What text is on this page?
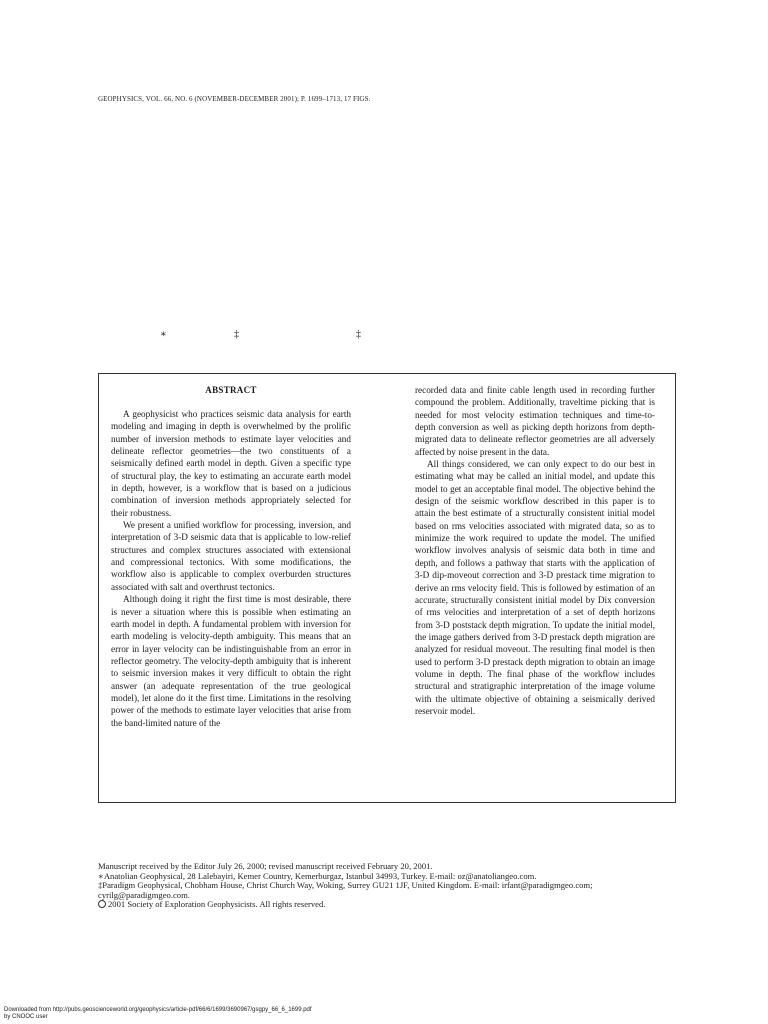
GEOPHYSICS, VOL. 66, NO. 6 (NOVEMBER-DECEMBER 2001); P. 1699–1713, 17 FIGS.
∗	‡	‡
ABSTRACT

A geophysicist who practices seismic data analysis for earth modeling and imaging in depth is overwhelmed by the prolific number of inversion methods to estimate layer velocities and delineate reflector geometries—the two constituents of a seismically defined earth model in depth. Given a specific type of structural play, the key to estimating an accurate earth model in depth, however, is a workflow that is based on a judicious combination of inversion methods appropriately selected for their robustness.

We present a unified workflow for processing, inversion, and interpretation of 3-D seismic data that is applicable to low-relief structures and complex structures associated with extensional and compressional tectonics. With some modifications, the workflow also is applicable to complex overburden structures associated with salt and overthrust tectonics.

Although doing it right the first time is most desirable, there is never a situation where this is possible when estimating an earth model in depth. A fundamental problem with inversion for earth modeling is velocity-depth ambiguity. This means that an error in layer velocity can be indistinguishable from an error in reflector geometry. The velocity-depth ambiguity that is inherent to seismic inversion makes it very difficult to obtain the right answer (an adequate representation of the true geological model), let alone do it the first time. Limitations in the resolving power of the methods to estimate layer velocities that arise from the band-limited nature of the

recorded data and finite cable length used in recording further compound the problem. Additionally, traveltime picking that is needed for most velocity estimation techniques and time-to-depth conversion as well as picking depth horizons from depth-migrated data to delineate reflector geometries are all adversely affected by noise present in the data.

All things considered, we can only expect to do our best in estimating what may be called an initial model, and update this model to get an acceptable final model. The objective behind the design of the seismic workflow described in this paper is to attain the best estimate of a structurally consistent initial model based on rms velocities associated with migrated data, so as to minimize the work required to update the model. The unified workflow involves analysis of seismic data both in time and depth, and follows a pathway that starts with the application of 3-D dip-moveout correction and 3-D prestack time migration to derive an rms velocity field. This is followed by estimation of an accurate, structurally consistent initial model by Dix conversion of rms velocities and interpretation of a set of depth horizons from 3-D poststack depth migration. To update the initial model, the image gathers derived from 3-D prestack depth migration are analyzed for residual moveout. The resulting final model is then used to perform 3-D prestack depth migration to obtain an image volume in depth. The final phase of the workflow includes structural and stratigraphic interpretation of the image volume with the ultimate objective of obtaining a seismically derived reservoir model.

Manuscript received by the Editor July 26, 2000; revised manuscript received February 20, 2001.
∗Anatolian Geophysical, 28 Lalebayiri, Kemer Country, Kemerburgaz, Istanbul 34993, Turkey. E-mail: oz@anatoliangeo.com.
‡Paradigm Geophysical, Chobham House, Christ Church Way, Woking, Surrey GU21 1JF, United Kingdom. E-mail: irfant@paradigmgeo.com;
cyrilg@paradigmgeo.com.
2001 Society of Exploration Geophysicists. All rights reserved.
Downloaded from http://pubs.geoscienceworld.org/geophysics/article-pdf/66/6/1699/3690967/gsgpy_66_6_1699.pdf
by CNOOC user
